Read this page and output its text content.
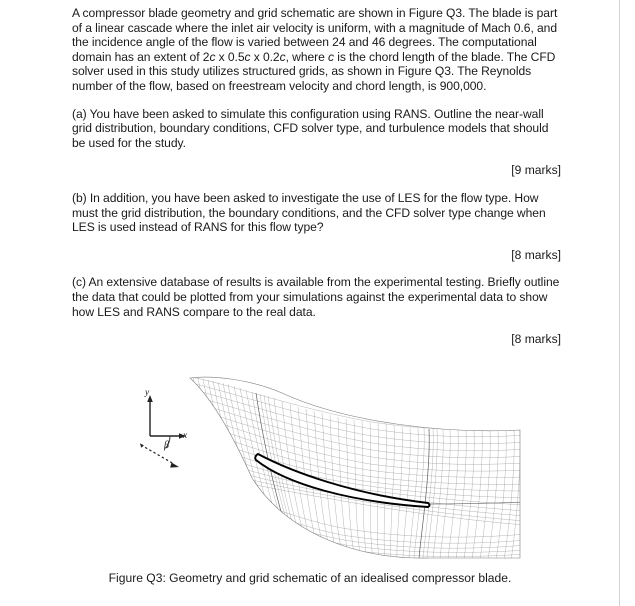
A compressor blade geometry and grid schematic are shown in Figure Q3. The blade is part of a linear cascade where the inlet air velocity is uniform, with a magnitude of Mach 0.6, and the incidence angle of the flow is varied between 24 and 46 degrees. The computational domain has an extent of 2c x 0.5c x 0.2c, where c is the chord length of the blade. The CFD solver used in this study utilizes structured grids, as shown in Figure Q3. The Reynolds number of the flow, based on freestream velocity and chord length, is 900,000.

(a) You have been asked to simulate this configuration using RANS. Outline the near-wall grid distribution, boundary conditions, CFD solver type, and turbulence models that should be used for the study.

[9 marks]

(b) In addition, you have been asked to investigate the use of LES for the flow type. How must the grid distribution, the boundary conditions, and the CFD solver type change when LES is used instead of RANS for this flow type?

[8 marks]

(c) An extensive database of results is available from the experimental testing. Briefly outline the data that could be plotted from your simulations against the experimental data to show how LES and RANS compare to the real data.

[8 marks]
y
x
β
Figure Q3: Geometry and grid schematic of an idealised compressor blade.
